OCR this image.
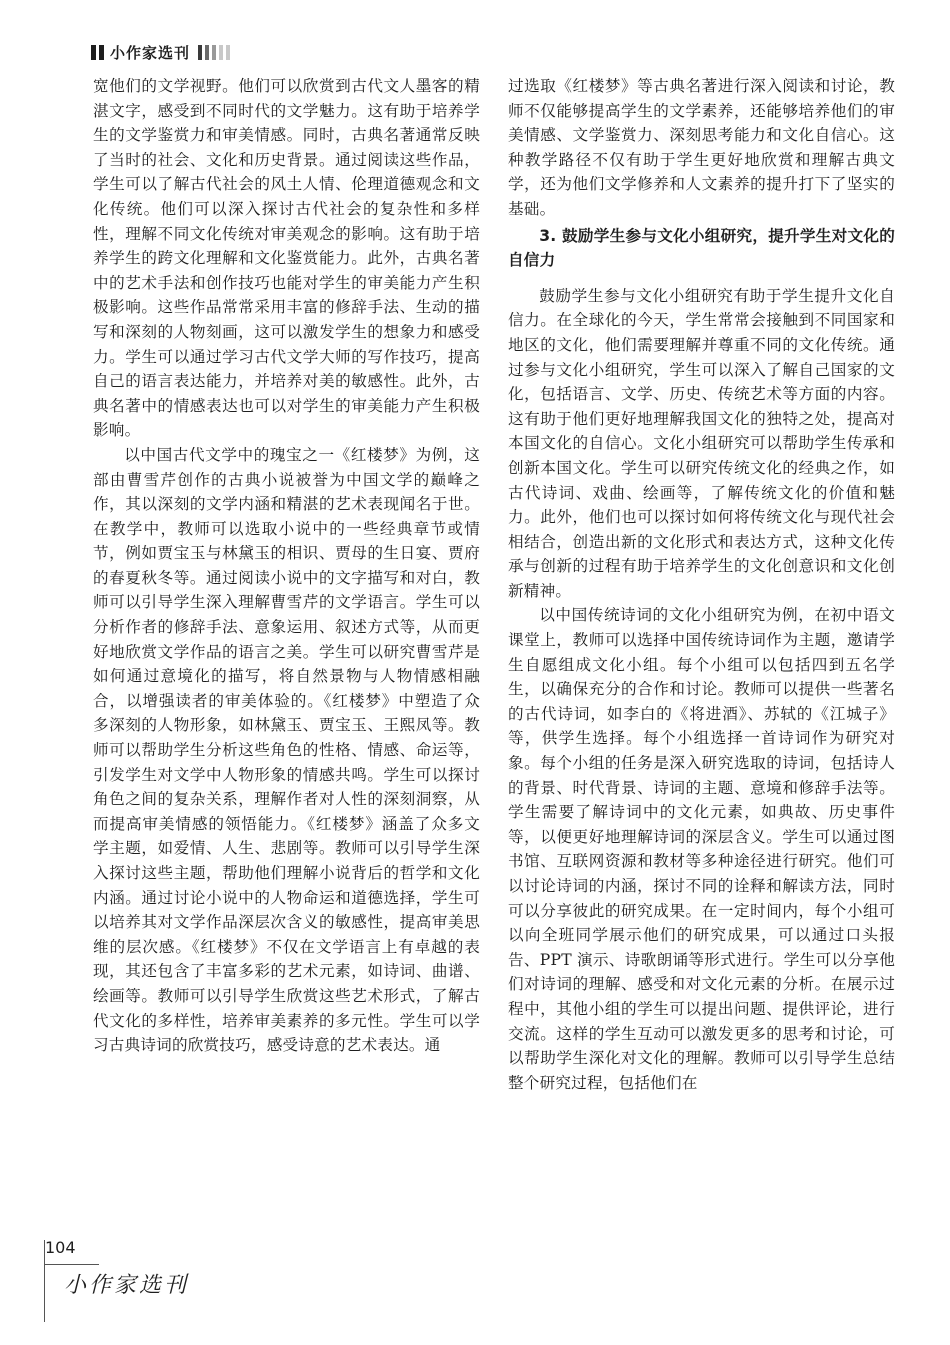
小作家选刊

宽他们的文学视野。他们可以欣赏到古代文人墨客的精湛文字，感受到不同时代的文学魅力。这有助于培养学生的文学鉴赏力和审美情感。同时，古典名著通常反映了当时的社会、文化和历史背景。通过阅读这些作品，学生可以了解古代社会的风土人情、伦理道德观念和文化传统。他们可以深入探讨古代社会的复杂性和多样性，理解不同文化传统对审美观念的影响。这有助于培养学生的跨文化理解和文化鉴赏能力。此外，古典名著中的艺术手法和创作技巧也能对学生的审美能力产生积极影响。这些作品常常采用丰富的修辞手法、生动的描写和深刻的人物刻画，这可以激发学生的想象力和感受力。学生可以通过学习古代文学大师的写作技巧，提高自己的语言表达能力，并培养对美的敏感性。此外，古典名著中的情感表达也可以对学生的审美能力产生积极影响。

以中国古代文学中的瑰宝之一《红楼梦》为例，这部由曹雪芹创作的古典小说被誉为中国文学的巅峰之作，其以深刻的文学内涵和精湛的艺术表现闻名于世。在教学中，教师可以选取小说中的一些经典章节或情节，例如贾宝玉与林黛玉的相识、贾母的生日宴、贾府的春夏秋冬等。通过阅读小说中的文字描写和对白，教师可以引导学生深入理解曹雪芹的文学语言。学生可以分析作者的修辞手法、意象运用、叙述方式等，从而更好地欣赏文学作品的语言之美。学生可以研究曹雪芹是如何通过意境化的描写，将自然景物与人物情感相融合，以增强读者的审美体验的。《红楼梦》中塑造了众多深刻的人物形象，如林黛玉、贾宝玉、王熙凤等。教师可以帮助学生分析这些角色的性格、情感、命运等，引发学生对文学中人物形象的情感共鸣。学生可以探讨角色之间的复杂关系，理解作者对人性的深刻洞察，从而提高审美情感的领悟能力。《红楼梦》涵盖了众多文学主题，如爱情、人生、悲剧等。教师可以引导学生深入探讨这些主题，帮助他们理解小说背后的哲学和文化内涵。通过讨论小说中的人物命运和道德选择，学生可以培养其对文学作品深层次含义的敏感性，提高审美思维的层次感。《红楼梦》不仅在文学语言上有卓越的表现，其还包含了丰富多彩的艺术元素，如诗词、曲谱、绘画等。教师可以引导学生欣赏这些艺术形式，了解古代文化的多样性，培养审美素养的多元性。学生可以学习古典诗词的欣赏技巧，感受诗意的艺术表达。通

过选取《红楼梦》等古典名著进行深入阅读和讨论，教师不仅能够提高学生的文学素养，还能够培养他们的审美情感、文学鉴赏力、深刻思考能力和文化自信心。这种教学路径不仅有助于学生更好地欣赏和理解古典文学，还为他们文学修养和人文素养的提升打下了坚实的基础。

3. 鼓励学生参与文化小组研究，提升学生对文化的自信力

鼓励学生参与文化小组研究有助于学生提升文化自信力。在全球化的今天，学生常常会接触到不同国家和地区的文化，他们需要理解并尊重不同的文化传统。通过参与文化小组研究，学生可以深入了解自己国家的文化，包括语言、文学、历史、传统艺术等方面的内容。这有助于他们更好地理解我国文化的独特之处，提高对本国文化的自信心。文化小组研究可以帮助学生传承和创新本国文化。学生可以研究传统文化的经典之作，如古代诗词、戏曲、绘画等，了解传统文化的价值和魅力。此外，他们也可以探讨如何将传统文化与现代社会相结合，创造出新的文化形式和表达方式，这种文化传承与创新的过程有助于培养学生的文化创意识和文化创新精神。

以中国传统诗词的文化小组研究为例，在初中语文课堂上，教师可以选择中国传统诗词作为主题，邀请学生自愿组成文化小组。每个小组可以包括四到五名学生，以确保充分的合作和讨论。教师可以提供一些著名的古代诗词，如李白的《将进酒》、苏轼的《江城子》等，供学生选择。每个小组选择一首诗词作为研究对象。每个小组的任务是深入研究选取的诗词，包括诗人的背景、时代背景、诗词的主题、意境和修辞手法等。学生需要了解诗词中的文化元素，如典故、历史事件等，以便更好地理解诗词的深层含义。学生可以通过图书馆、互联网资源和教材等多种途径进行研究。他们可以讨论诗词的内涵，探讨不同的诠释和解读方法，同时可以分享彼此的研究成果。在一定时间内，每个小组可以向全班同学展示他们的研究成果，可以通过口头报告、PPT 演示、诗歌朗诵等形式进行。学生可以分享他们对诗词的理解、感受和对文化元素的分析。在展示过程中，其他小组的学生可以提出问题、提供评论，进行交流。这样的学生互动可以激发更多的思考和讨论，可以帮助学生深化对文化的理解。教师可以引导学生总结整个研究过程，包括他们在

104
小作家选刊
